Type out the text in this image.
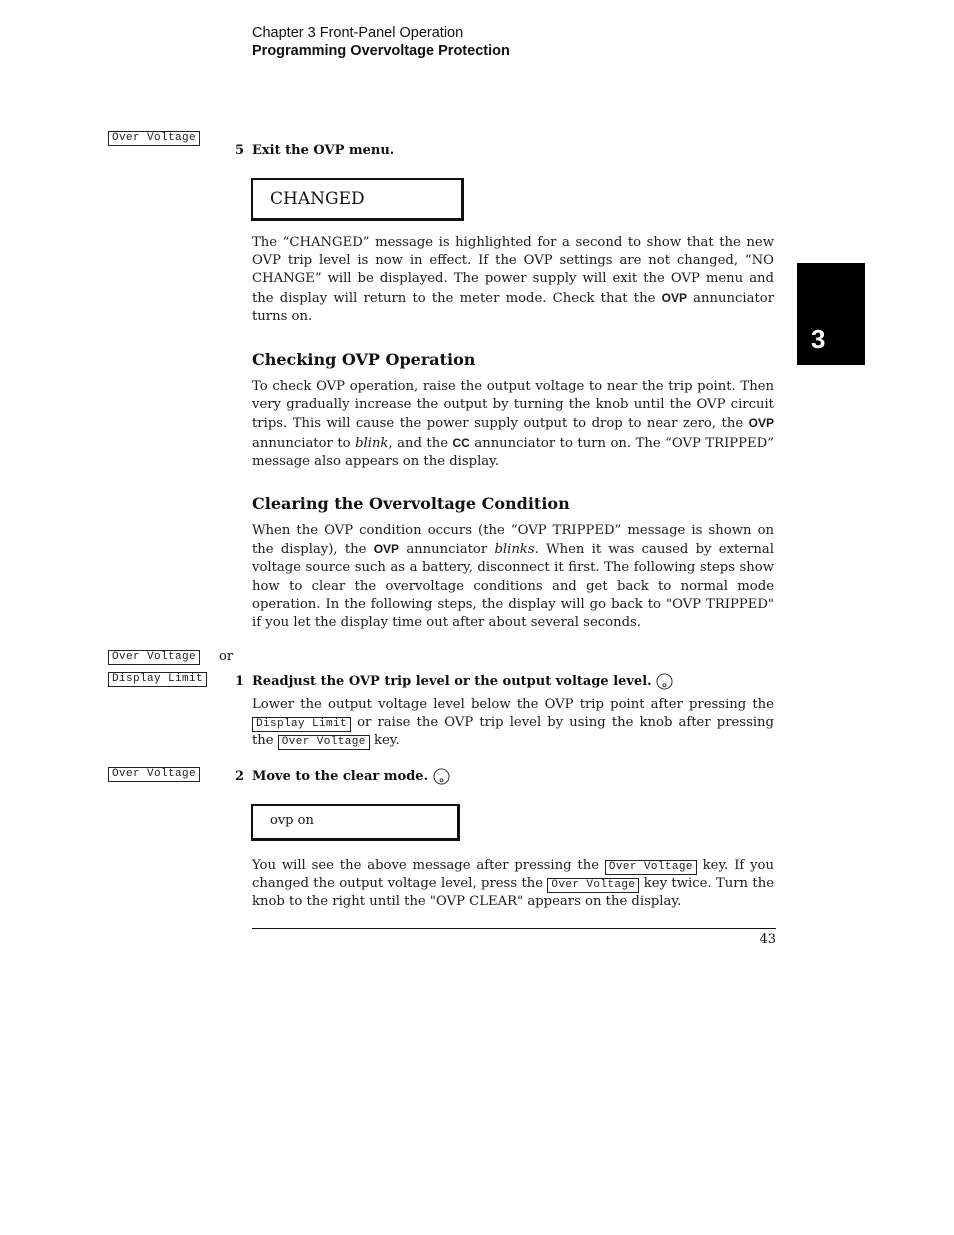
Chapter 3 Front-Panel Operation
Programming Overvoltage Protection
3
Over Voltage
5 Exit the OVP menu.
CHANGED
The “CHANGED” message is highlighted for a second to show that the new OVP trip level is now in effect. If the OVP settings are not changed, “NO CHANGE” will be displayed. The power supply will exit the OVP menu and the display will return to the meter mode. Check that the OVP annunciator turns on.
Checking OVP Operation
To check OVP operation, raise the output voltage to near the trip point. Then very gradually increase the output by turning the knob until the OVP circuit trips. This will cause the power supply output to drop to near zero, the OVP annunciator to blink, and the CC annunciator to turn on. The “OVP TRIPPED” message also appears on the display.
Clearing the Overvoltage Condition
When the OVP condition occurs (the “OVP TRIPPED” message is shown on the display), the OVP annunciator blinks. When it was caused by external voltage source such as a battery, disconnect it first. The following steps show how to clear the overvoltage conditions and get back to normal mode operation. In the following steps, the display will go back to "OVP TRIPPED" if you let the display time out after about several seconds.
Over Voltage	or
Display Limit	1 Readjust the OVP trip level or the output voltage level.
Lower the output voltage level below the OVP trip point after pressing the Display Limit or raise the OVP trip level by using the knob after pressing the Over Voltage key.
Over Voltage	2 Move to the clear mode.
ovp on
You will see the above message after pressing the Over Voltage key. If you changed the output voltage level, press the Over Voltage key twice. Turn the knob to the right until the "OVP CLEAR" appears on the display.
43
